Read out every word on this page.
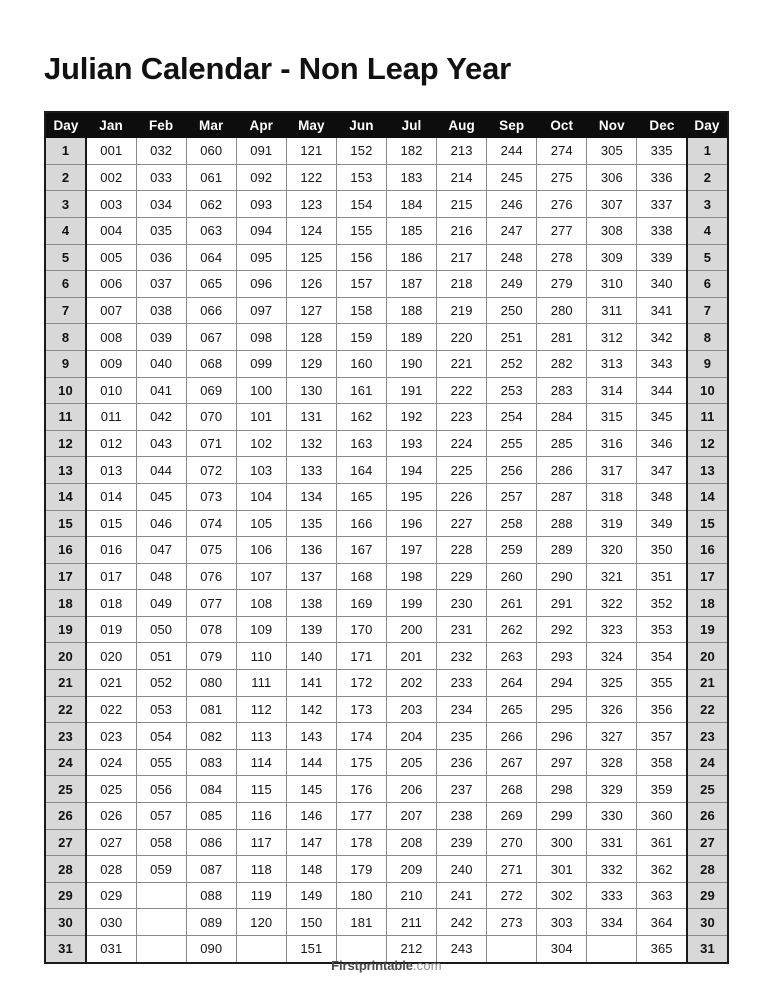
Julian Calendar - Non Leap Year
Day	Jan	Feb	Mar	Apr	May	Jun	Jul	Aug	Sep	Oct	Nov	Dec	Day
1	001	032	060	091	121	152	182	213	244	274	305	335	1
2	002	033	061	092	122	153	183	214	245	275	306	336	2
3	003	034	062	093	123	154	184	215	246	276	307	337	3
4	004	035	063	094	124	155	185	216	247	277	308	338	4
5	005	036	064	095	125	156	186	217	248	278	309	339	5
6	006	037	065	096	126	157	187	218	249	279	310	340	6
7	007	038	066	097	127	158	188	219	250	280	311	341	7
8	008	039	067	098	128	159	189	220	251	281	312	342	8
9	009	040	068	099	129	160	190	221	252	282	313	343	9
10	010	041	069	100	130	161	191	222	253	283	314	344	10
11	011	042	070	101	131	162	192	223	254	284	315	345	11
12	012	043	071	102	132	163	193	224	255	285	316	346	12
13	013	044	072	103	133	164	194	225	256	286	317	347	13
14	014	045	073	104	134	165	195	226	257	287	318	348	14
15	015	046	074	105	135	166	196	227	258	288	319	349	15
16	016	047	075	106	136	167	197	228	259	289	320	350	16
17	017	048	076	107	137	168	198	229	260	290	321	351	17
18	018	049	077	108	138	169	199	230	261	291	322	352	18
19	019	050	078	109	139	170	200	231	262	292	323	353	19
20	020	051	079	110	140	171	201	232	263	293	324	354	20
21	021	052	080	111	141	172	202	233	264	294	325	355	21
22	022	053	081	112	142	173	203	234	265	295	326	356	22
23	023	054	082	113	143	174	204	235	266	296	327	357	23
24	024	055	083	114	144	175	205	236	267	297	328	358	24
25	025	056	084	115	145	176	206	237	268	298	329	359	25
26	026	057	085	116	146	177	207	238	269	299	330	360	26
27	027	058	086	117	147	178	208	239	270	300	331	361	27
28	028	059	087	118	148	179	209	240	271	301	332	362	28
29	029		088	119	149	180	210	241	272	302	333	363	29
30	030		089	120	150	181	211	242	273	303	334	364	30
31	031		090		151		212	243		304		365	31
Firstprintable.com
